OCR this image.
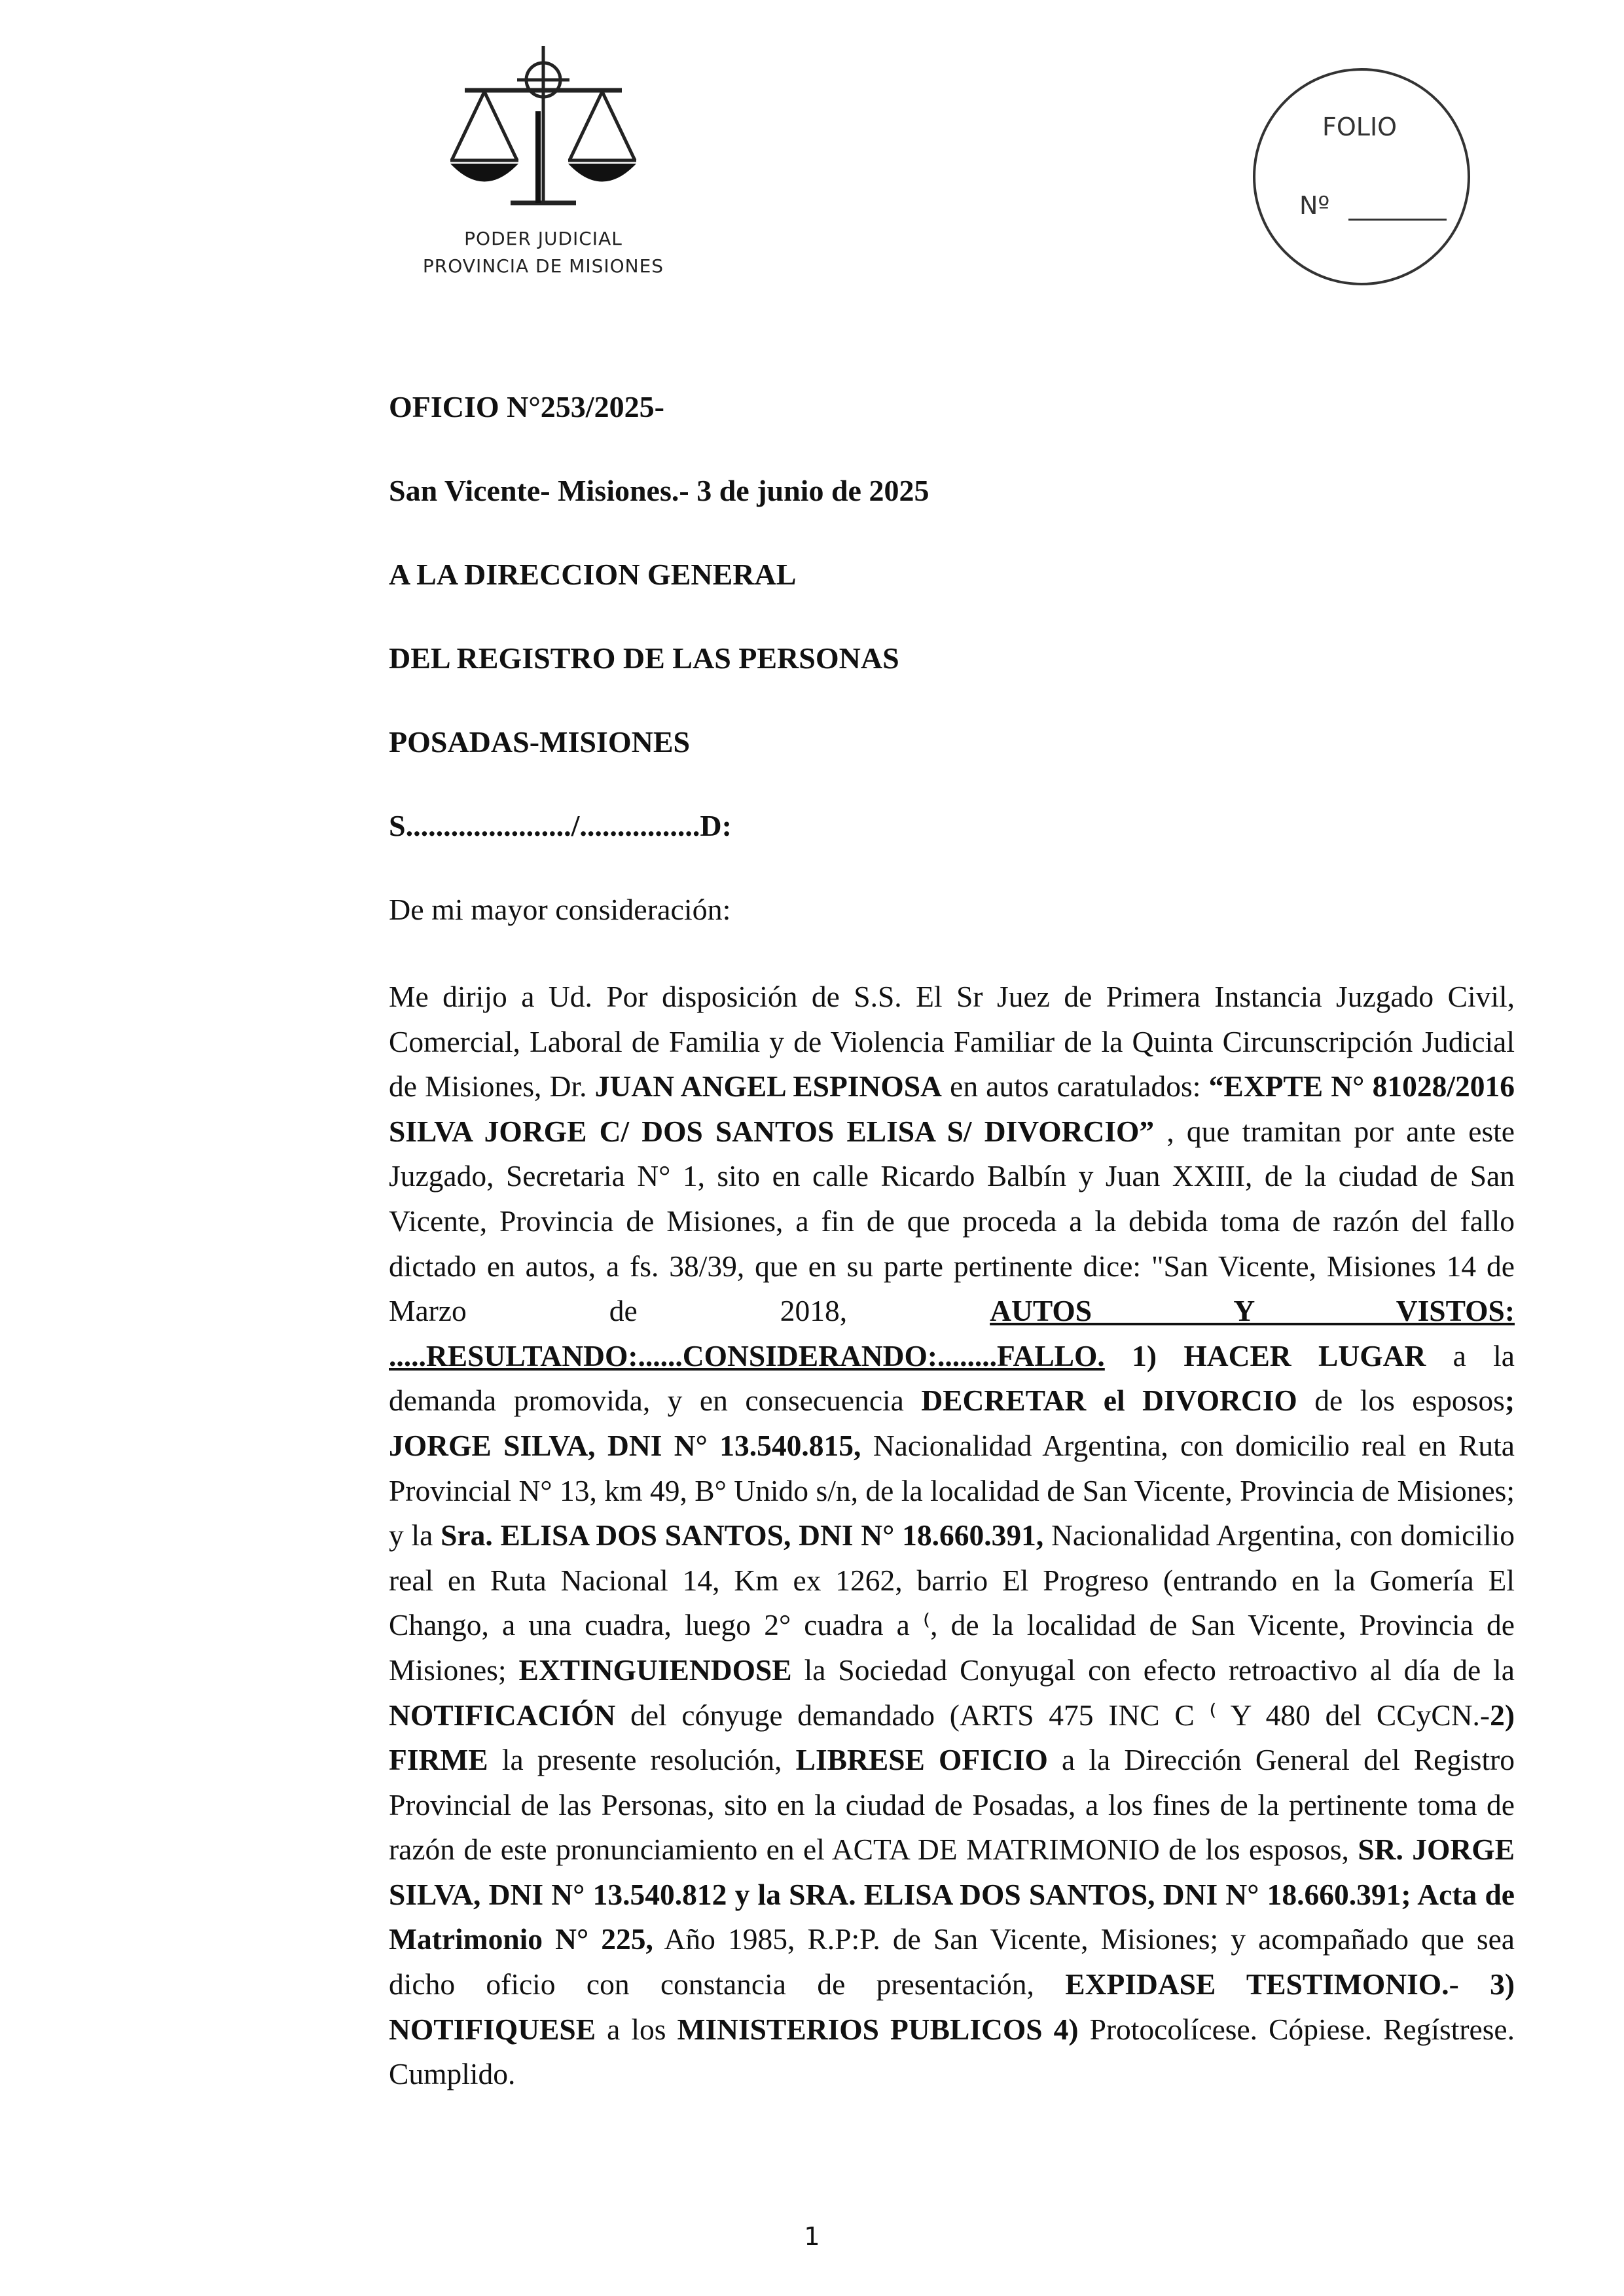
PODER JUDICIAL
PROVINCIA DE MISIONES
FOLIO
Nº

OFICIO N°253/2025-

San Vicente- Misiones.- 3 de junio de 2025

A LA DIRECCION GENERAL

DEL REGISTRO DE LAS PERSONAS

POSADAS-MISIONES

S....................../................D:

De mi mayor consideración:

Me dirijo a Ud. Por disposición de S.S. El Sr Juez de Primera Instancia Juzgado Civil, Comercial, Laboral de Familia y de Violencia Familiar de la Quinta Circunscripción Judicial de Misiones, Dr. JUAN ANGEL ESPINOSA en autos caratulados: “EXPTE N° 81028/2016 SILVA JORGE C/ DOS SANTOS ELISA S/ DIVORCIO” , que tramitan por ante este Juzgado, Secretaria N° 1, sito en calle Ricardo Balbín y Juan XXIII, de la ciudad de San Vicente, Provincia de Misiones, a fin de que proceda a la debida toma de razón del fallo dictado en autos, a fs. 38/39, que en su parte pertinente dice: "San Vicente, Misiones 14 de Marzo de 2018, AUTOS Y VISTOS: .....RESULTANDO:......CONSIDERANDO:........FALLO. 1) HACER LUGAR a la demanda promovida, y en consecuencia DECRETAR el DIVORCIO de los esposos; JORGE SILVA, DNI N° 13.540.815, Nacionalidad Argentina, con domicilio real en Ruta Provincial N° 13, km 49, B° Unido s/n, de la localidad de San Vicente, Provincia de Misiones; y la Sra. ELISA DOS SANTOS, DNI N° 18.660.391, Nacionalidad Argentina, con domicilio real en Ruta Nacional 14, Km ex 1262, barrio El Progreso (entrando en la Gomería El Chango, a una cuadra, luego 2° cuadra a ⁽, de la localidad de San Vicente, Provincia de Misiones; EXTINGUIENDOSE la Sociedad Conyugal con efecto retroactivo al día de la NOTIFICACIÓN del cónyuge demandado (ARTS 475 INC C ⁽ Y 480 del CCyCN.-2) FIRME la presente resolución, LIBRESE OFICIO a la Dirección General del Registro Provincial de las Personas, sito en la ciudad de Posadas, a los fines de la pertinente toma de razón de este pronunciamiento en el ACTA DE MATRIMONIO de los esposos, SR. JORGE SILVA, DNI N° 13.540.812 y la SRA. ELISA DOS SANTOS, DNI N° 18.660.391; Acta de Matrimonio N° 225, Año 1985, R.P:P. de San Vicente, Misiones; y acompañado que sea dicho oficio con constancia de presentación, EXPIDASE TESTIMONIO.- 3) NOTIFIQUESE a los MINISTERIOS PUBLICOS 4) Protocolícese. Cópiese. Regístrese. Cumplido.

1
